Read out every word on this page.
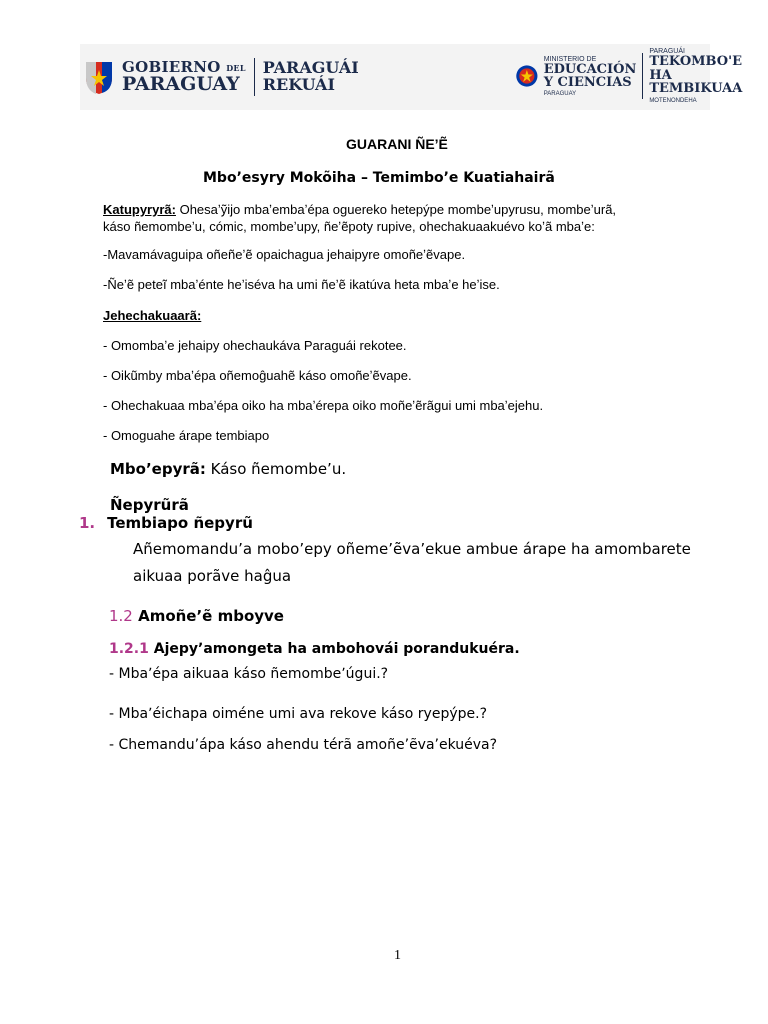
GOBIERNO DEL
PARAGUAY
PARAGUÁI
REKUÁI
MINISTERIO DE
EDUCACIÓN
Y CIENCIAS
PARAGUAY
PARAGUÁI
TEKOMBO'E
HA TEMBIKUAA
MOTENONDEHA
GUARANI ÑE’Ẽ
Mbo’esyry Mokõiha – Temimbo’e Kuatiahairã
Katupyryrã: Ohesaʼỹijo mbaʼembaʼépa oguereko hetepýpe mombeʼupyrusu, mombeʼurã,
káso ñemombeʼu, cómic, mombeʼupy, ñeʼẽpoty rupive, ohechakuaakuévo koʼã mbaʼe:
-Mavamávaguipa oñeñeʼẽ opaichagua jehaipyre omoñeʼẽvape.
-Ñeʼẽ peteĩ mbaʼénte heʼiséva ha umi ñeʼẽ ikatúva heta mbaʼe heʼise.
Jehechakuaarã:
- Omombaʼe jehaipy ohechaukáva Paraguái rekotee.
- Oikũmby mbaʼépa oñemoĝuahẽ káso omoñeʼẽvape.
- Ohechakuaa mbaʼépa oiko ha mbaʼérepa oiko moñeʼẽrãgui umi mbaʼejehu.
- Omoguahe árape tembiapo
Mbo’epyrã: Káso ñemombeʼu.
Ñepyrũrã
1. Tembiapo ñepyrũ
Añemomanduʼa moboʼepy oñemeʼẽvaʼekue ambue árape ha amombarete
aikuaa porãve haĝua
1.2 Amoñe’ẽ mboyve
1.2.1 Ajepyʼamongeta ha ambohovái porandukuéra.
- Mbaʼépa aikuaa káso ñemombeʼúgui.?
- Mbaʼéichapa oiméne umi ava rekove káso ryepýpe.?
- Chemandu’ápa káso ahendu térã amoñe’ẽva’ekuéva?
1
